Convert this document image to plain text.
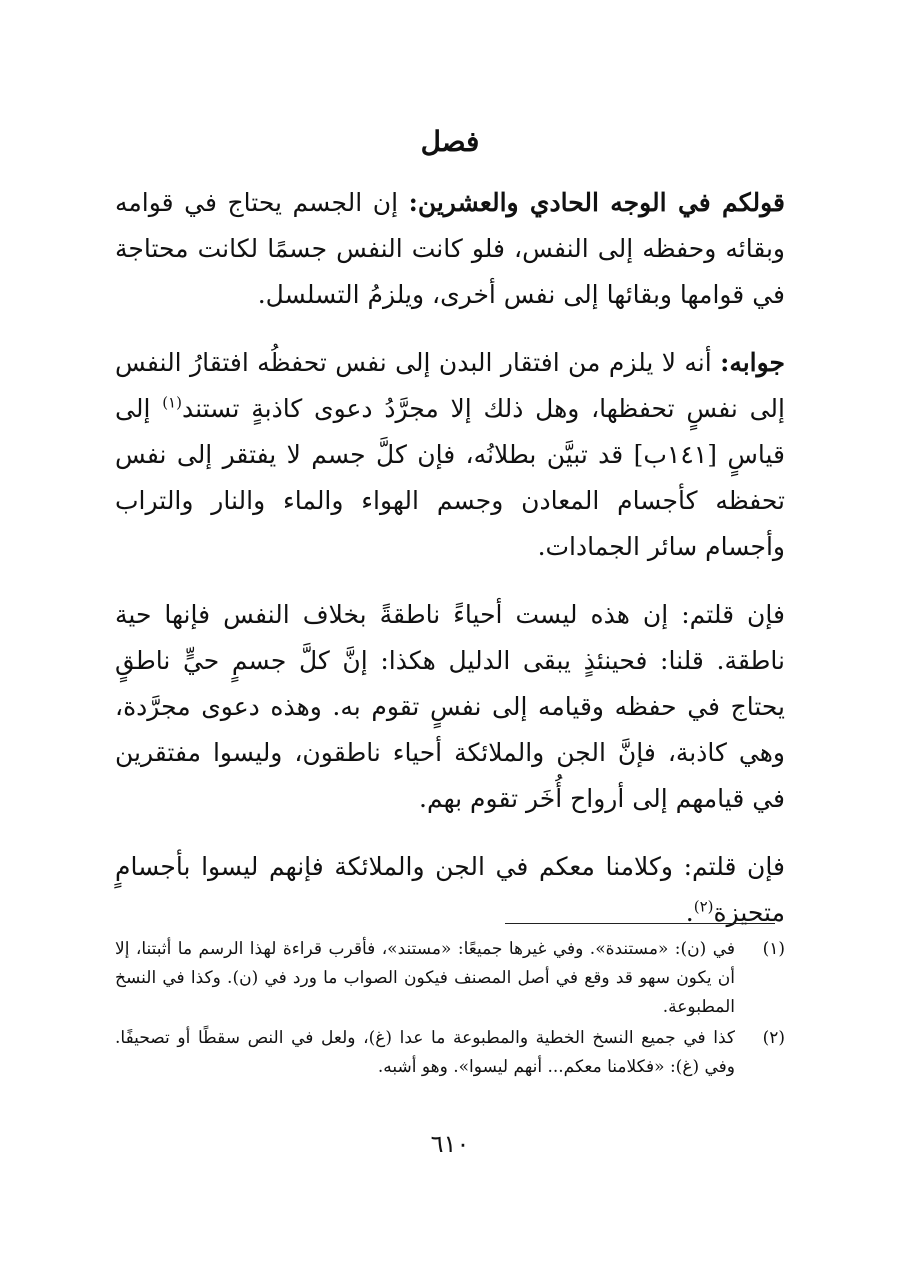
فصل

قولكم في الوجه الحادي والعشرين: إن الجسم يحتاج في قوامه وبقائه وحفظه إلى النفس، فلو كانت النفس جسمًا لكانت محتاجة في قوامها وبقائها إلى نفس أخرى، ويلزمُ التسلسل.

جوابه: أنه لا يلزم من افتقار البدن إلى نفس تحفظُه افتقارُ النفس إلى نفسٍ تحفظها، وهل ذلك إلا مجرَّدُ دعوى كاذبةٍ تستند$^{(١)}$ إلى قياسٍ [١٤١ب] قد تبيَّن بطلانُه، فإن كلَّ جسم لا يفتقر إلى نفس تحفظه كأجسام المعادن وجسم الهواء والماء والنار والتراب وأجسام سائر الجمادات.

فإن قلتم: إن هذه ليست أحياءً ناطقةً بخلاف النفس فإنها حية ناطقة. قلنا: فحينئذٍ يبقى الدليل هكذا: إنَّ كلَّ جسمٍ حيٍّ ناطقٍ يحتاج في حفظه وقيامه إلى نفسٍ تقوم به. وهذه دعوى مجرَّدة، وهي كاذبة، فإنَّ الجن والملائكة أحياء ناطقون، وليسوا مفتقرين في قيامهم إلى أرواح أُخَر تقوم بهم.

فإن قلتم: وكلامنا معكم في الجن والملائكة فإنهم ليسوا بأجسامٍ متحيزة$^{(٢)}$.

(١)
في (ن): «مستندة». وفي غيرها جميعًا: «مستند»، فأقرب قراءة لهذا الرسم ما أثبتنا، إلا أن يكون سهو قد وقع في أصل المصنف فيكون الصواب ما ورد في (ن). وكذا في النسخ المطبوعة.
(٢)
كذا في جميع النسخ الخطية والمطبوعة ما عدا (غ)، ولعل في النص سقطًا أو تصحيفًا. وفي (غ): «فكلامنا معكم... أنهم ليسوا». وهو أشبه.
٦١٠
